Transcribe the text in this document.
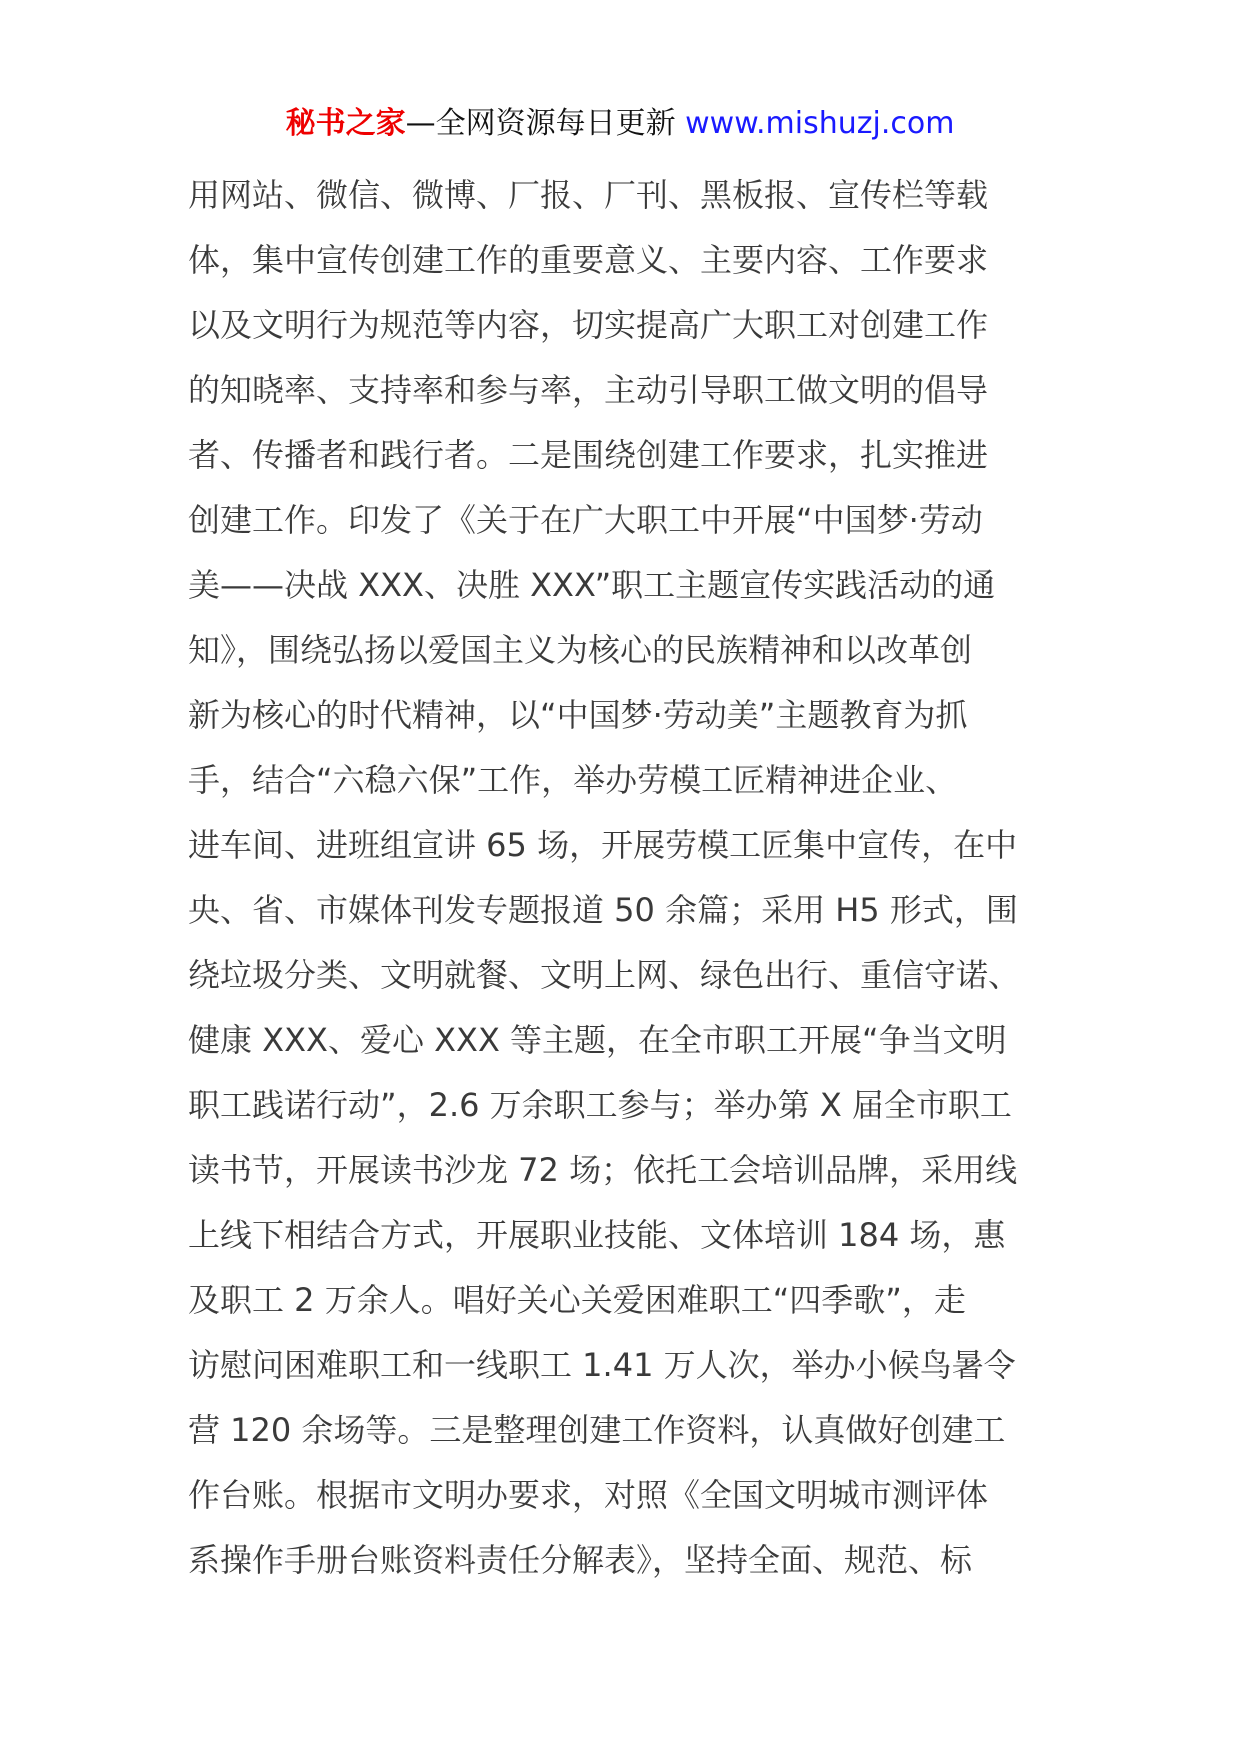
秘书之家—全网资源每日更新 www.mishuzj.com
用网站、微信、微博、厂报、厂刊、黑板报、宣传栏等载
体，集中宣传创建工作的重要意义、主要内容、工作要求
以及文明行为规范等内容，切实提高广大职工对创建工作
的知晓率、支持率和参与率，主动引导职工做文明的倡导
者、传播者和践行者。二是围绕创建工作要求，扎实推进
创建工作。印发了《关于在广大职工中开展“中国梦·劳动
美——决战 XXX、决胜 XXX”职工主题宣传实践活动的通
知》，围绕弘扬以爱国主义为核心的民族精神和以改革创
新为核心的时代精神，以“中国梦·劳动美”主题教育为抓
手，结合“六稳六保”工作，举办劳模工匠精神进企业、
进车间、进班组宣讲 65 场，开展劳模工匠集中宣传，在中
央、省、市媒体刊发专题报道 50 余篇；采用 H5 形式，围
绕垃圾分类、文明就餐、文明上网、绿色出行、重信守诺、
健康 XXX、爱心 XXX 等主题，在全市职工开展“争当文明
职工践诺行动”，2.6 万余职工参与；举办第 X 届全市职工
读书节，开展读书沙龙 72 场；依托工会培训品牌，采用线
上线下相结合方式，开展职业技能、文体培训 184 场，惠
及职工 2 万余人。唱好关心关爱困难职工“四季歌”，走
访慰问困难职工和一线职工 1.41 万人次，举办小候鸟暑令
营 120 余场等。三是整理创建工作资料，认真做好创建工
作台账。根据市文明办要求，对照《全国文明城市测评体
系操作手册台账资料责任分解表》，坚持全面、规范、标
